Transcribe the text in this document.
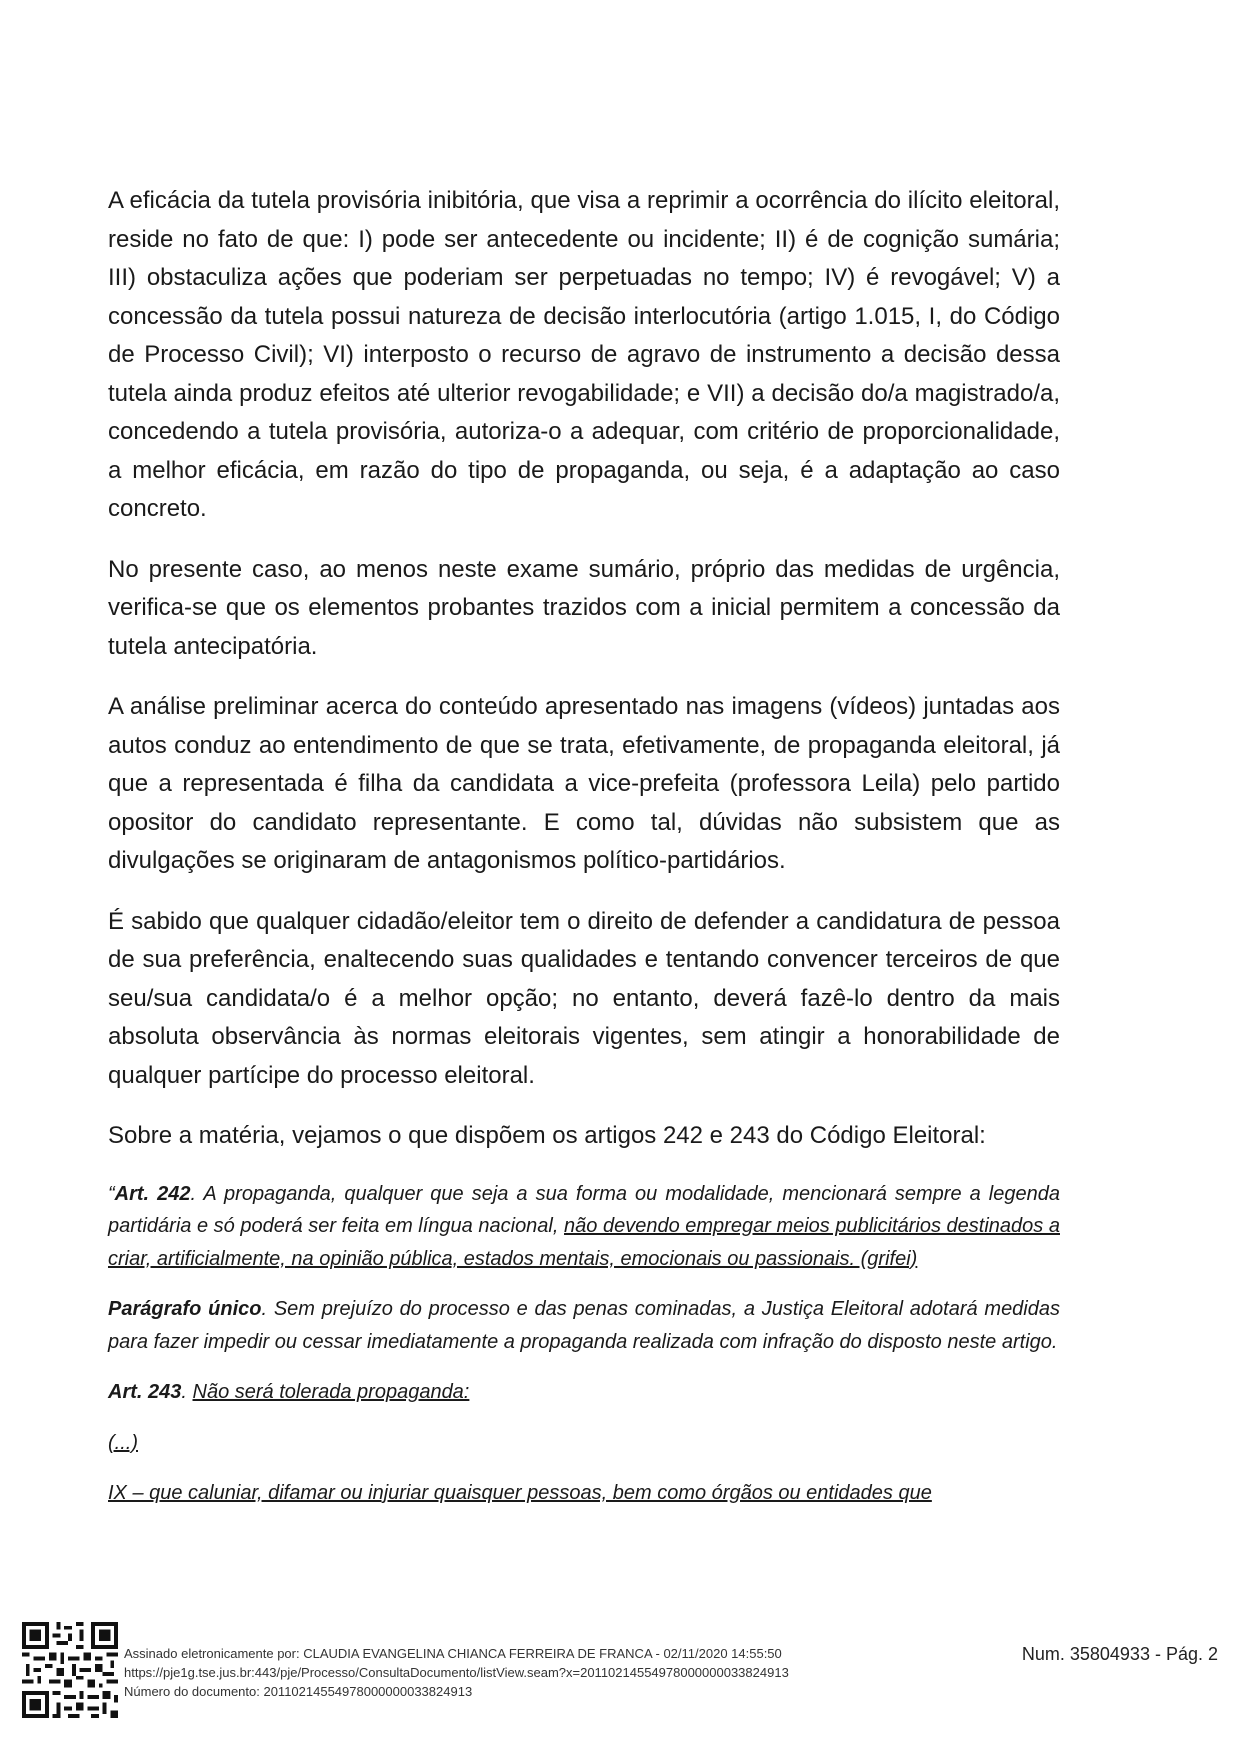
A eficácia da tutela provisória inibitória, que visa a reprimir a ocorrência do ilícito eleitoral, reside no fato de que: I) pode ser antecedente ou incidente; II) é de cognição sumária; III) obstaculiza ações que poderiam ser perpetuadas no tempo; IV) é revogável; V) a concessão da tutela possui natureza de decisão interlocutória (artigo 1.015, I, do Código de Processo Civil); VI) interposto o recurso de agravo de instrumento a decisão dessa tutela ainda produz efeitos até ulterior revogabilidade; e VII) a decisão do/a magistrado/a, concedendo a tutela provisória, autoriza-o a adequar, com critério de proporcionalidade, a melhor eficácia, em razão do tipo de propaganda, ou seja, é a adaptação ao caso concreto.

No presente caso, ao menos neste exame sumário, próprio das medidas de urgência, verifica-se que os elementos probantes trazidos com a inicial permitem a concessão da tutela antecipatória.

A análise preliminar acerca do conteúdo apresentado nas imagens (vídeos) juntadas aos autos conduz ao entendimento de que se trata, efetivamente, de propaganda eleitoral, já que a representada é filha da candidata a vice-prefeita (professora Leila) pelo partido opositor do candidato representante. E como tal, dúvidas não subsistem que as divulgações se originaram de antagonismos político-partidários.

É sabido que qualquer cidadão/eleitor tem o direito de defender a candidatura de pessoa de sua preferência, enaltecendo suas qualidades e tentando convencer terceiros de que seu/sua candidata/o é a melhor opção; no entanto, deverá fazê-lo dentro da mais absoluta observância às normas eleitorais vigentes, sem atingir a honorabilidade de qualquer partícipe do processo eleitoral.

Sobre a matéria, vejamos o que dispõem os artigos 242 e 243 do Código Eleitoral:

“Art. 242. A propaganda, qualquer que seja a sua forma ou modalidade, mencionará sempre a legenda partidária e só poderá ser feita em língua nacional, não devendo empregar meios publicitários destinados a criar, artificialmente, na opinião pública, estados mentais, emocionais ou passionais. (grifei)

Parágrafo único. Sem prejuízo do processo e das penas cominadas, a Justiça Eleitoral adotará medidas para fazer impedir ou cessar imediatamente a propaganda realizada com infração do disposto neste artigo.

Art. 243. Não será tolerada propaganda:

(...)

IX – que caluniar, difamar ou injuriar quaisquer pessoas, bem como órgãos ou entidades que

Assinado eletronicamente por: CLAUDIA EVANGELINA CHIANCA FERREIRA DE FRANCA - 02/11/2020 14:55:50
https://pje1g.tse.jus.br:443/pje/Processo/ConsultaDocumento/listView.seam?x=20110214554978000000033824913
Número do documento: 20110214554978000000033824913
Num. 35804933 - Pág. 2
